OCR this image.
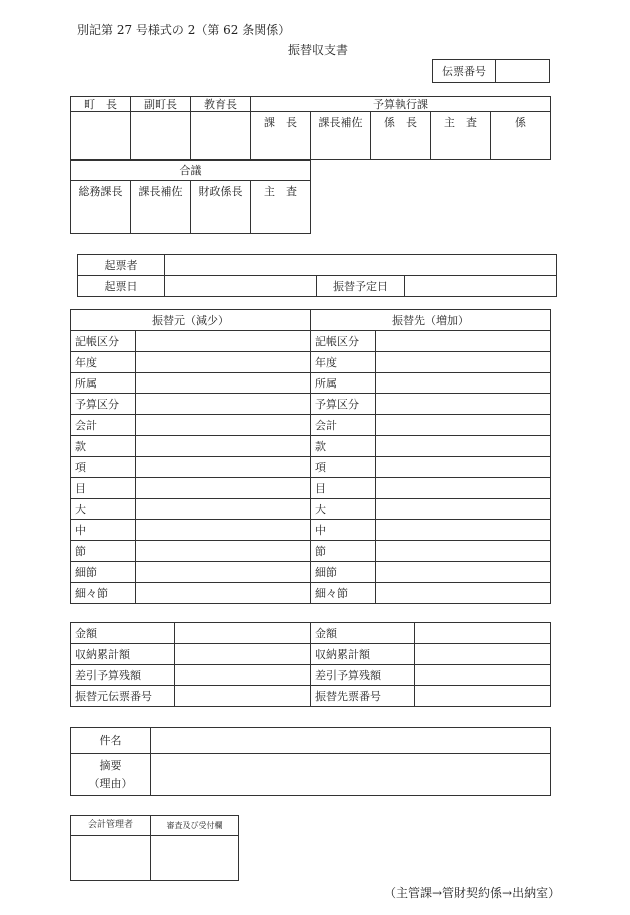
別記第 27 号様式の 2（第 62 条関係）
振替収支書
伝票番号	
町　長	副町長	教育長	予算執行課				
			課　長	課長補佐	係　長	主　査	係
合議
総務課長	課長補佐	財政係長	主　査
起票者			
起票日		振替予定日	
振替元（減少）		振替先（増加）	
記帳区分		記帳区分	
年度		年度	
所属		所属	
予算区分		予算区分	
会計		会計	
款		款	
項		項	
目		目	
大		大	
中		中	
節		節	
細節		細節	
細々節		細々節	
金額		金額	
収納累計額		収納累計額	
差引予算残額		差引予算残額	
振替元伝票番号		振替先票番号	
件名	

摘要
（理由）	

会計管理者	審査及び受付欄

（主管課→管財契約係→出納室）
